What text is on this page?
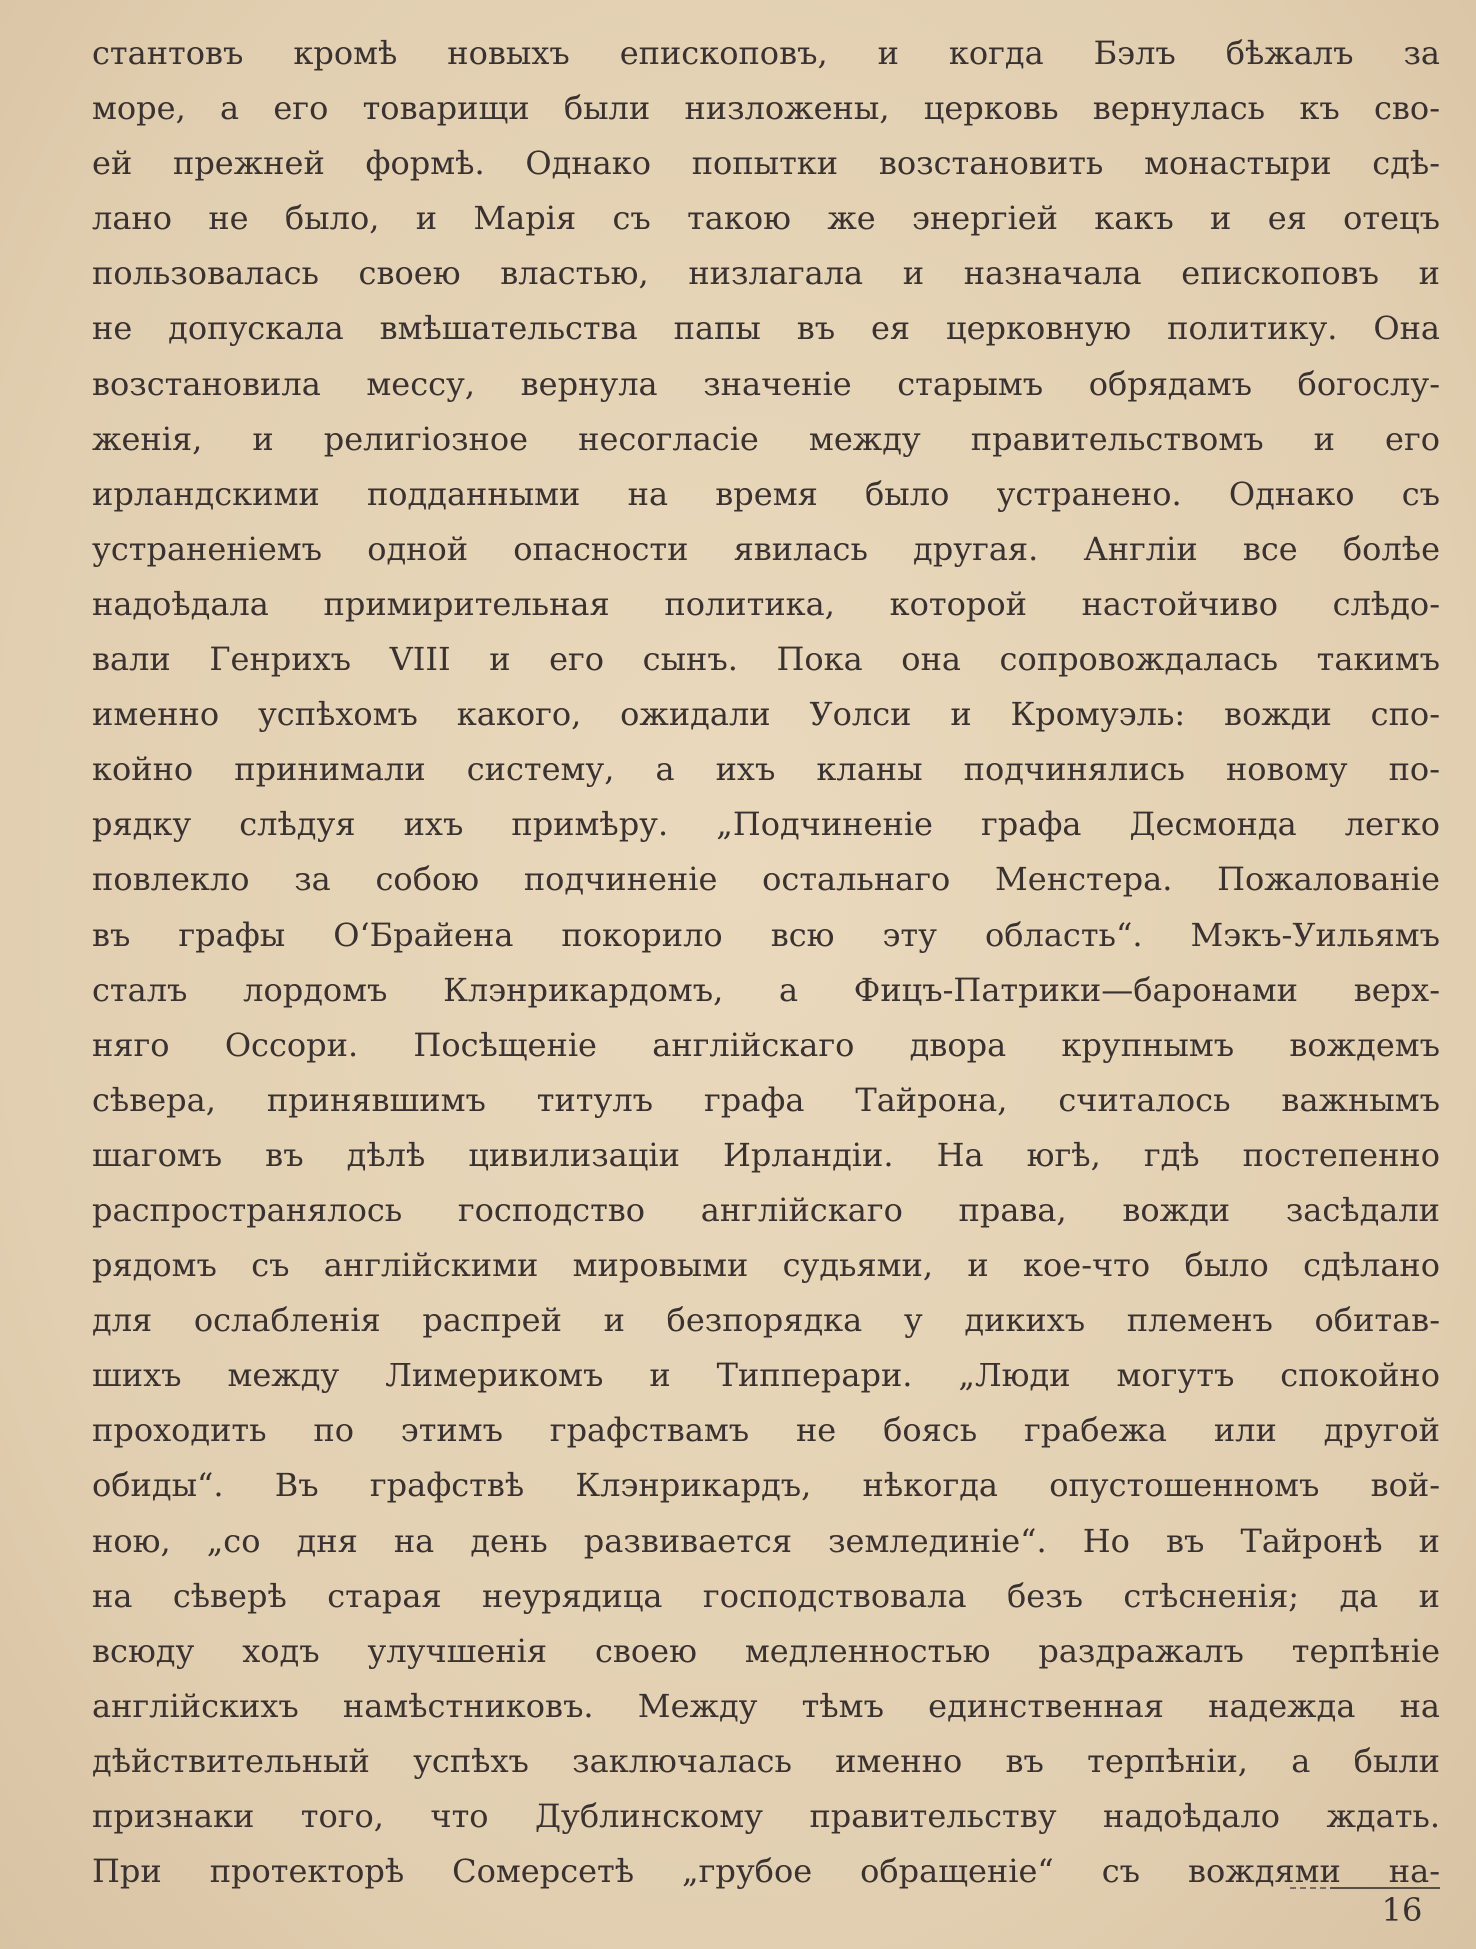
стантовъ кромѣ новыхъ епископовъ, и когда Бэлъ бѣжалъ за
море, а его товарищи были низложены, церковь вернулась къ сво-
ей прежней формѣ. Однако попытки возстановить монастыри сдѣ-
лано не было, и Марія съ такою же энергiей какъ и ея отецъ
пользовалась своею властью, низлагала и назначала епископовъ и
не допускала вмѣшательства папы въ ея церковную политику. Она
возстановила мессу, вернула значенiе старымъ обрядамъ богослу-
женiя, и религiозное несогласiе между правительствомъ и его
ирландскими подданными на время было устранено. Однако съ
устраненiемъ одной опасности явилась другая. Англiи все болѣе
надоѣдала примирительная политика, которой настойчиво слѣдо-
вали Генрихъ VIII и его сынъ. Пока она сопровождалась такимъ
именно успѣхомъ какого, ожидали Уолси и Кромуэль: вожди спо-
койно принимали систему, а ихъ кланы подчинялись новому по-
рядку слѣдуя ихъ примѣру. „Подчиненiе графа Десмонда легко
повлекло за собою подчиненiе остальнаго Менстера. Пожалованiе
въ графы О‘Брайена покорило всю эту область“. Мэкъ-Уильямъ
сталъ лордомъ Клэнрикардомъ, а Фицъ-Патрики—баронами верх-
няго Оссори. Посѣщенiе англiйскаго двора крупнымъ вождемъ
сѣвера, принявшимъ титулъ графа Тайрона, считалось важнымъ
шагомъ въ дѣлѣ цивилизацiи Ирландiи. На югѣ, гдѣ постепенно
распространялось господство англiйскаго права, вожди засѣдали
рядомъ съ англiйскими мировыми судьями, и кое-что было сдѣлано
для ослабленiя распрей и безпорядка у дикихъ племенъ обитав-
шихъ между Лимерикомъ и Типперари. „Люди могутъ спокойно
проходить по этимъ графствамъ не боясь грабежа или другой
обиды“. Въ графствѣ Клэнрикардъ, нѣкогда опустошенномъ вой-
ною, „со дня на день развивается землединiе“. Но въ Тайронѣ и
на сѣверѣ старая неурядица господствовала безъ стѣсненiя; да и
всюду ходъ улучшенiя своею медленностью раздражалъ терпѣнiе
англiйскихъ намѣстниковъ. Между тѣмъ единственная надежда на
дѣйствительный успѣхъ заключалась именно въ терпѣнiи, а были
признаки того, что Дублинскому правительству надоѣдало ждать.
При протекторѣ Сомерсетѣ „грубое обращенiе“ съ вождями на-
16
